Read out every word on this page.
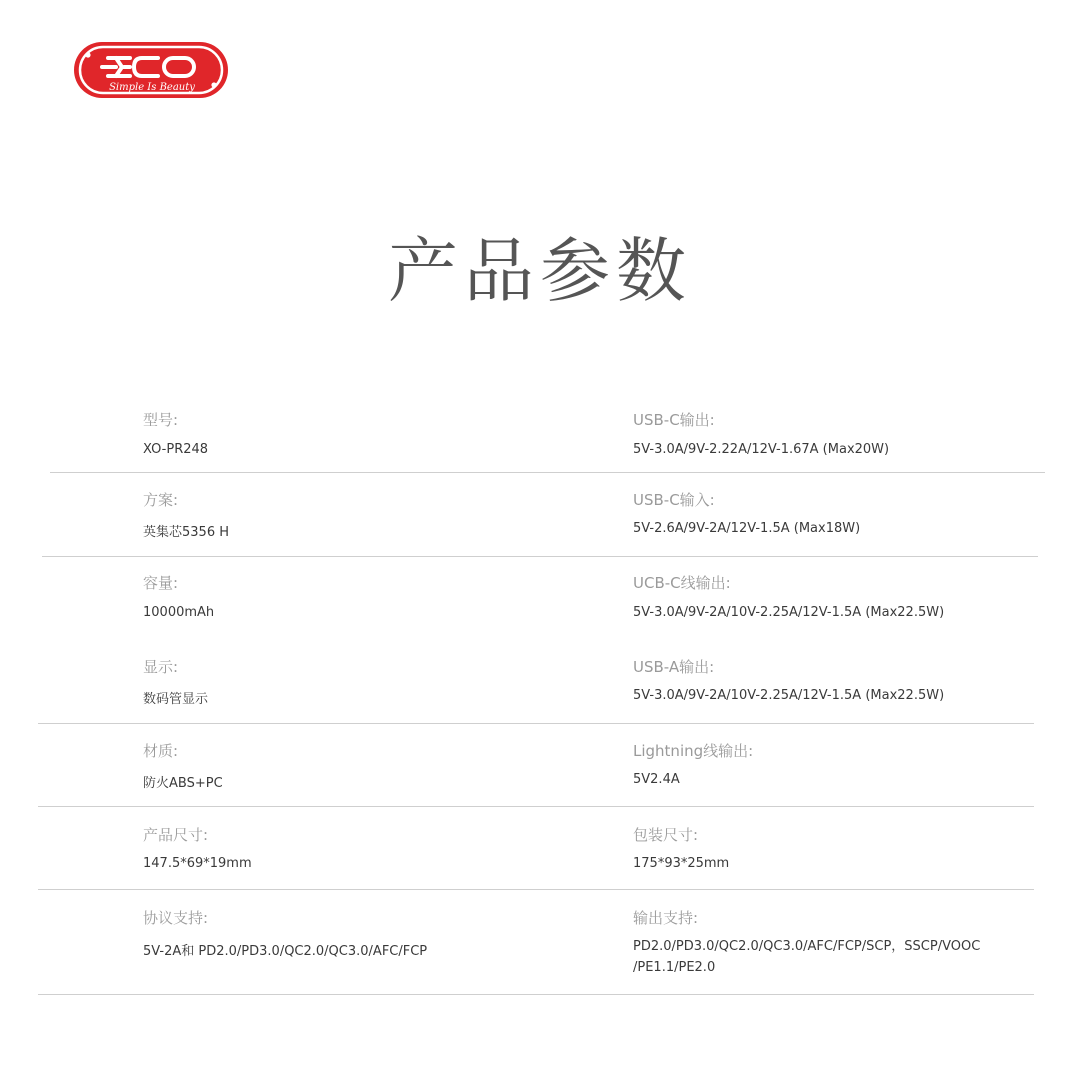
Simple Is Beauty
产品参数
型号:
XO-PR248
USB-C输出:
5V-3.0A/9V-2.22A/12V-1.67A (Max20W)
方案:
英集芯5356 H
USB-C输入:
5V-2.6A/9V-2A/12V-1.5A (Max18W)
容量:
10000mAh
UCB-C线输出:
5V-3.0A/9V-2A/10V-2.25A/12V-1.5A (Max22.5W)
显示:
数码管显示
USB-A输出:
5V-3.0A/9V-2A/10V-2.25A/12V-1.5A (Max22.5W)
材质:
防火ABS+PC
Lightning线输出:
5V2.4A
产品尺寸:
147.5*69*19mm
包装尺寸:
175*93*25mm
协议支持:
5V-2A和 PD2.0/PD3.0/QC2.0/QC3.0/AFC/FCP
输出支持:
PD2.0/PD3.0/QC2.0/QC3.0/AFC/FCP/SCP，SSCP/VOOC /PE1.1/PE2.0
